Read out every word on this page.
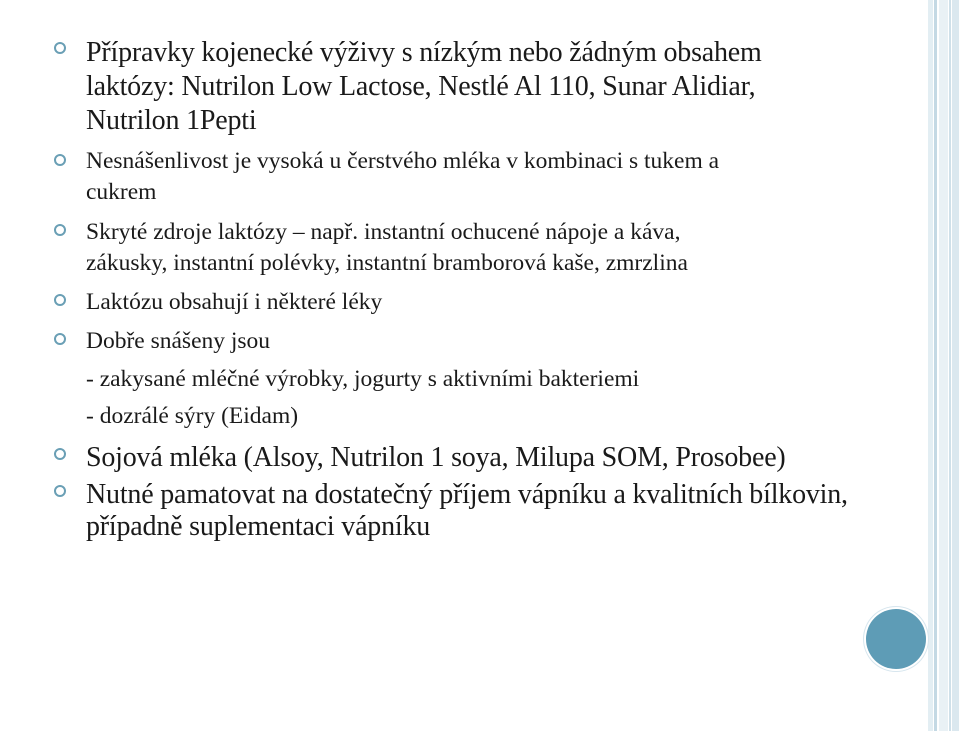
Přípravky kojenecké výživy s nízkým nebo žádným obsahem
laktózy: Nutrilon Low Lactose, Nestlé Al 110, Sunar Alidiar,
Nutrilon 1Pepti
Nesnášenlivost je vysoká u čerstvého mléka v kombinaci s tukem a
cukrem
Skryté zdroje laktózy – např. instantní ochucené nápoje a káva,
zákusky, instantní polévky, instantní bramborová kaše, zmrzlina
Laktózu obsahují i některé léky
Dobře snášeny jsou
- zakysané mléčné výrobky, jogurty s aktivními bakteriemi
- dozrálé sýry (Eidam)
Sojová mléka (Alsoy, Nutrilon 1 soya, Milupa SOM, Prosobee)
Nutné pamatovat na dostatečný příjem vápníku a kvalitních bílkovin,
případně suplementaci vápníku
